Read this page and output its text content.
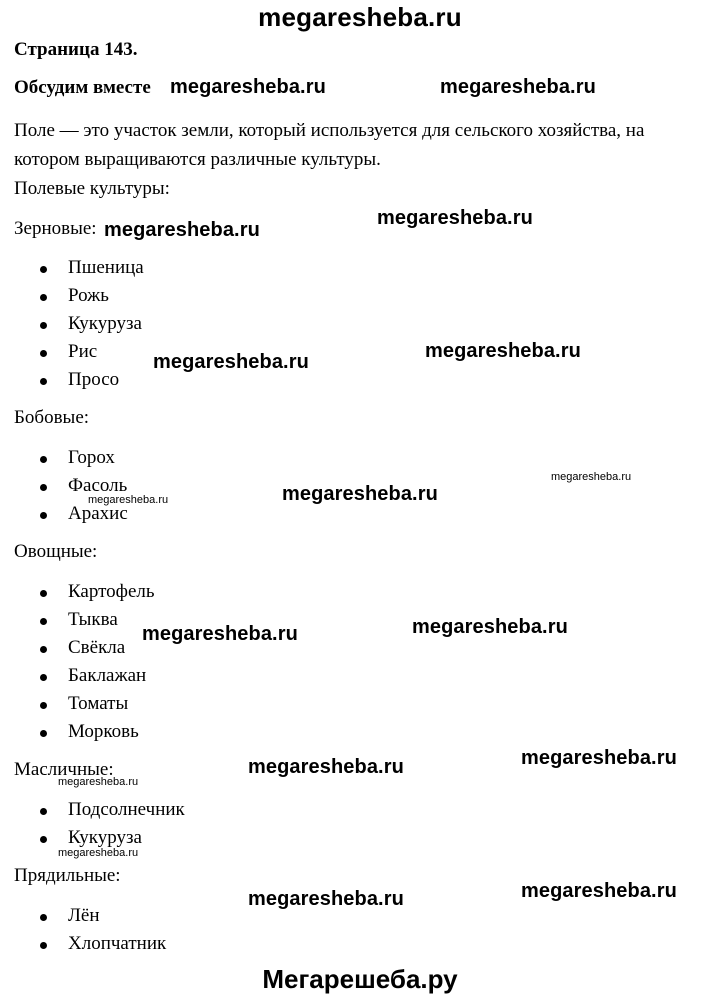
megaresheba.ru
Страница 143.
Обсудим вместе
Поле — это участок земли, который используется для сельского хозяйства, на котором выращиваются различные культуры.
Полевые культуры:
Зерновые:
Пшеница
Рожь
Кукуруза
Рис
Просо
Бобовые:
Горох
Фасоль
Арахис
Овощные:
Картофель
Тыква
Свёкла
Баклажан
Томаты
Морковь
Масличные:
Подсолнечник
Кукуруза
Прядильные:
Лён
Хлопчатник
megaresheba.ru	megaresheba.ru
megaresheba.ru
megaresheba.ru
megaresheba.ru	megaresheba.ru
megaresheba.ru
megaresheba.ru	megaresheba.ru
megaresheba.ru	megaresheba.ru
megaresheba.ru	megaresheba.ru
megaresheba.ru
megaresheba.ru
megaresheba.ru	megaresheba.ru
Мегарешеба.ру
